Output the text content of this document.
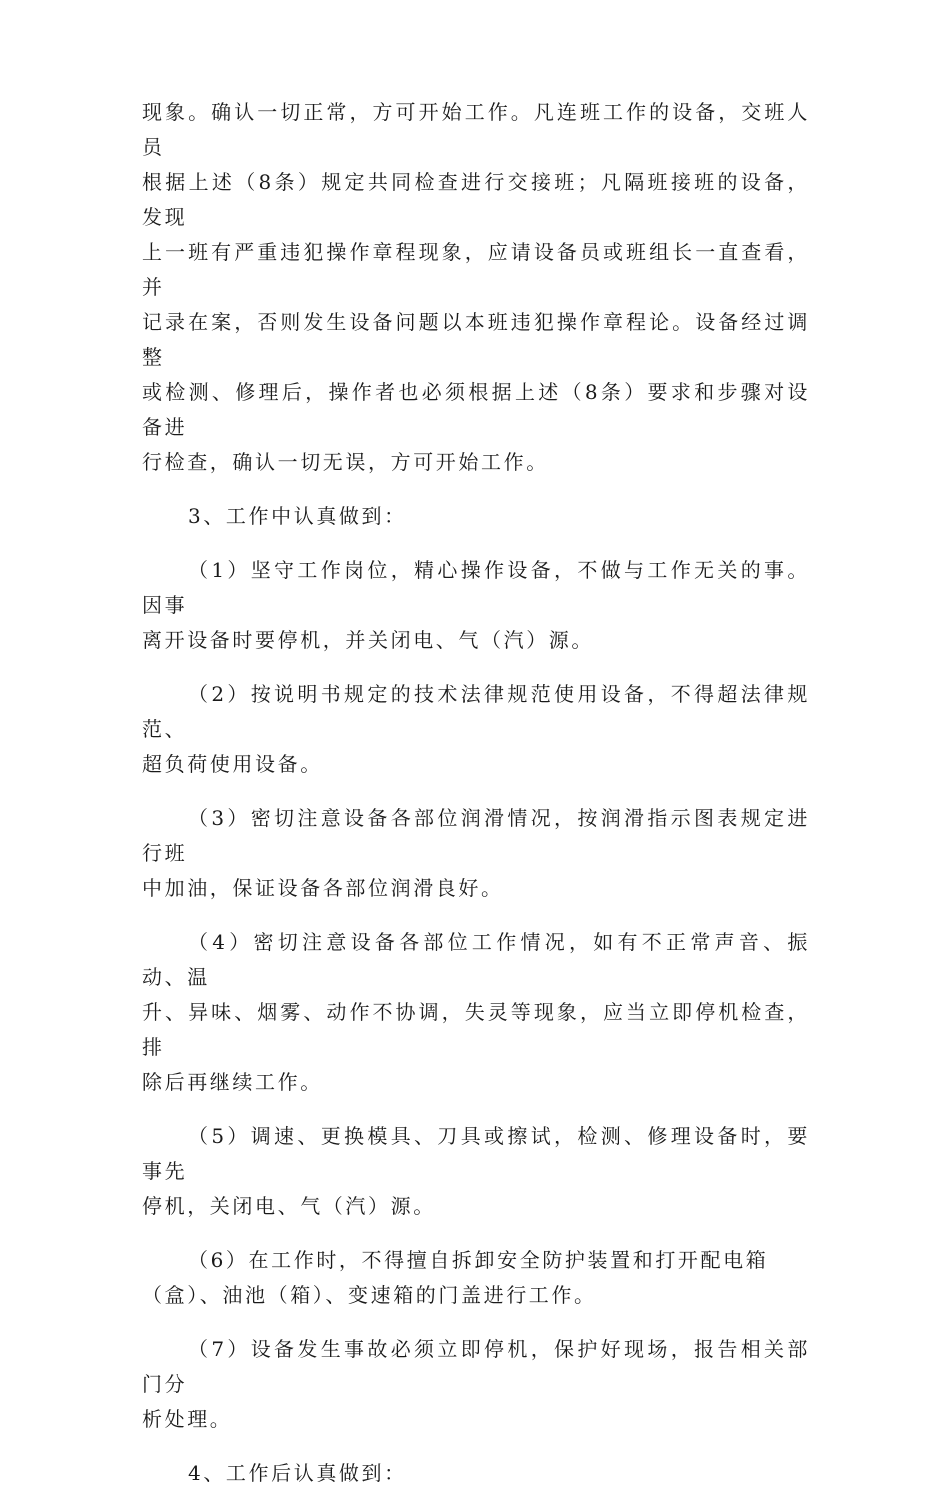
现象。确认一切正常，方可开始工作。凡连班工作的设备，交班人员
根据上述（8条）规定共同检查进行交接班；凡隔班接班的设备，发现
上一班有严重违犯操作章程现象，应请设备员或班组长一直查看，并
记录在案，否则发生设备问题以本班违犯操作章程论。设备经过调整
或检测、修理后，操作者也必须根据上述（8条）要求和步骤对设备进
行检查，确认一切无误，方可开始工作。

3、工作中认真做到：

（1）坚守工作岗位，精心操作设备，不做与工作无关的事。因事
离开设备时要停机，并关闭电、气（汽）源。

（2）按说明书规定的技术法律规范使用设备，不得超法律规范、
超负荷使用设备。

（3）密切注意设备各部位润滑情况，按润滑指示图表规定进行班
中加油，保证设备各部位润滑良好。

（4）密切注意设备各部位工作情况，如有不正常声音、振动、温
升、异味、烟雾、动作不协调，失灵等现象，应当立即停机检查，排
除后再继续工作。

（5）调速、更换模具、刀具或擦试，检测、修理设备时，要事先
停机，关闭电、气（汽）源。

（6）在工作时，不得擅自拆卸安全防护装置和打开配电箱
（盒）、油池（箱）、变速箱的门盖进行工作。

（7）设备发生事故必须立即停机，保护好现场，报告相关部门分
析处理。

4、工作后认真做到：
